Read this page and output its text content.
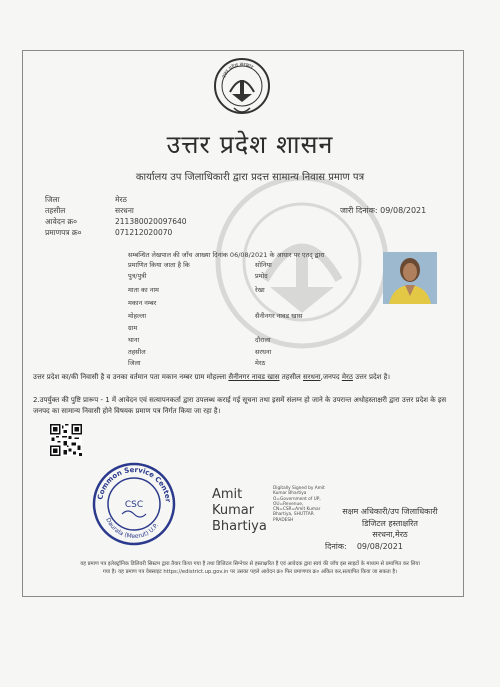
उत्तर प्रदेश सरकार
उत्तर प्रदेश शासन
कार्यालय उप जिलाधिकारी द्वारा प्रदत्त सामान्य निवास प्रमाण पत्र
जिला	मेरठ
तहसील	सरधना
आवेदन क्र०	211380020097640
प्रमाणपत्र क्र०	071212020070
जारी दिनांक: 09/08/2021
सम्बन्धित लेखपाल की जाँच आख्या दिनांक 06/08/2021 के आधार पर एतद् द्वारा
प्रमाणित किया जाता है कि	सोनिया
पुत्र/पुत्री	प्रमोद
माता का नाम	रेखा
मकान नम्बर
मोहल्ला	सैनीनगर नावड खास
ग्राम
थाना	दौराला
तहसील	सरधना
जिला	मेरठ
उत्तर प्रदेश का/की निवासी है व उनका वर्तमान पता मकान नम्बर ग्राम मोहल्ला सैनीनगर नावड खास तहसील सरधना,जनपद मेरठ उत्तर प्रदेश है।
2.उपर्युक्त की पुष्टि प्रारूप - 1 में आवेदन एवं सत्यापनकर्ता द्वारा उपलब्ध कराई गई सूचना तथा इसमें संलग्न हो जाने के उपरान्त अधोहस्ताक्षरी द्वारा उत्तर प्रदेश के इस जनपद का सामान्य निवासी होने विषयक प्रमाण पत्र निर्गत किया जा रहा है।
Common Service Center
Daurala (Meerut) U.P.
CSC
Amit
Kumar
Bhartiya
Digitally Signed by Amit
Kumar Bhartiya
O=Government of UP,
OU=Revenue,
CN=CSR=Amit Kumar
Bhartiya, SHUTTAR
PRADESH
सक्षम अधिकारी/उप जिलाधिकारी
डिजिटल हस्ताक्षरित
सरधना,मेरठ
दिनांक: 09/08/2021
यह प्रमाण पत्र इलेक्ट्रॉनिक डिलिवरी सिस्टम द्वारा तैयार किया गया है तथा डिजिटल सिग्नेचर से हस्ताक्षरित है एवं आवेदक द्वारा स्वयं की जाँच इस साइटों के माध्यम से प्रमाणित कर लिया
गया है। यह प्रमाण पत्र वेबसाइट https://edistrict.up.gov.in पर उसका पहले आवेदन क्र० फिर प्रमाणपत्र क्र० अंकित कर,सत्यापित किया जा सकता है।
